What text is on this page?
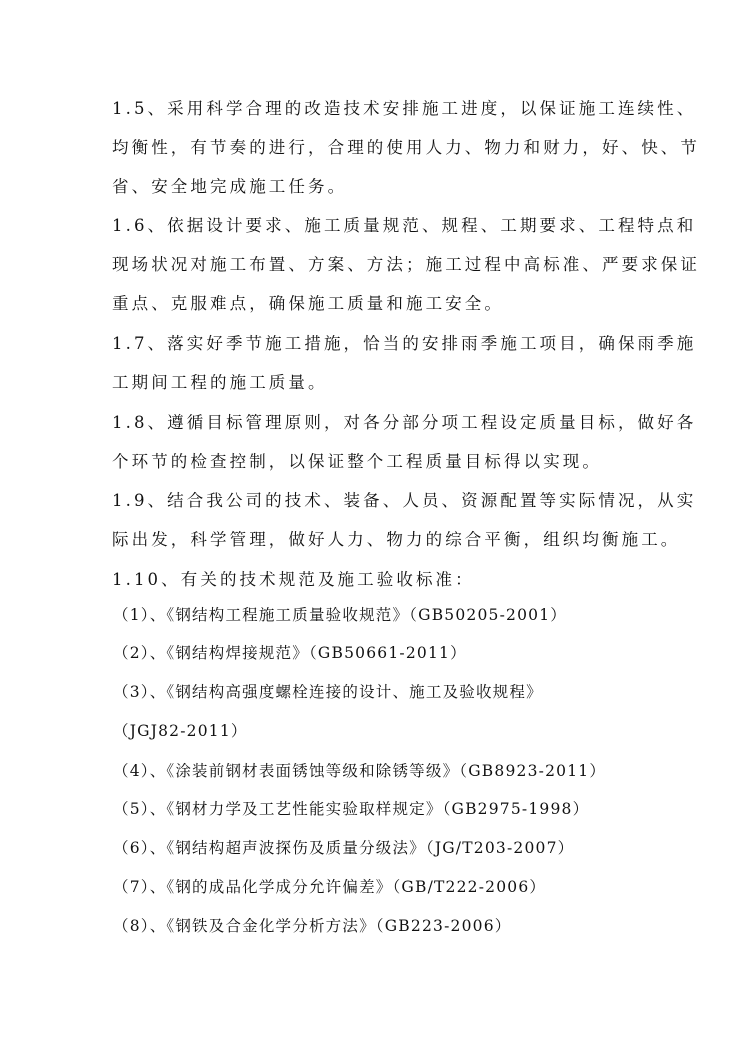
1.5、采用科学合理的改造技术安排施工进度，以保证施工连续性、
均衡性，有节奏的进行，合理的使用人力、物力和财力，好、快、节
省、安全地完成施工任务。
1.6、依据设计要求、施工质量规范、规程、工期要求、工程特点和
现场状况对施工布置、方案、方法；施工过程中高标准、严要求保证
重点、克服难点，确保施工质量和施工安全。
1.7、落实好季节施工措施，恰当的安排雨季施工项目，确保雨季施
工期间工程的施工质量。
1.8、遵循目标管理原则，对各分部分项工程设定质量目标，做好各
个环节的检查控制，以保证整个工程质量目标得以实现。
1.9、结合我公司的技术、装备、人员、资源配置等实际情况，从实
际出发，科学管理，做好人力、物力的综合平衡，组织均衡施工。
1.10、有关的技术规范及施工验收标准：
（1）、《钢结构工程施工质量验收规范》（GB50205-2001）
（2）、《钢结构焊接规范》（GB50661-2011）
（3）、《钢结构高强度螺栓连接的设计、施工及验收规程》
（JGJ82-2011）
（4）、《涂装前钢材表面锈蚀等级和除锈等级》（GB8923-2011）
（5）、《钢材力学及工艺性能实验取样规定》（GB2975-1998）
（6）、《钢结构超声波探伤及质量分级法》（JG/T203-2007）
（7）、《钢的成品化学成分允许偏差》（GB/T222-2006）
（8）、《钢铁及合金化学分析方法》（GB223-2006）
